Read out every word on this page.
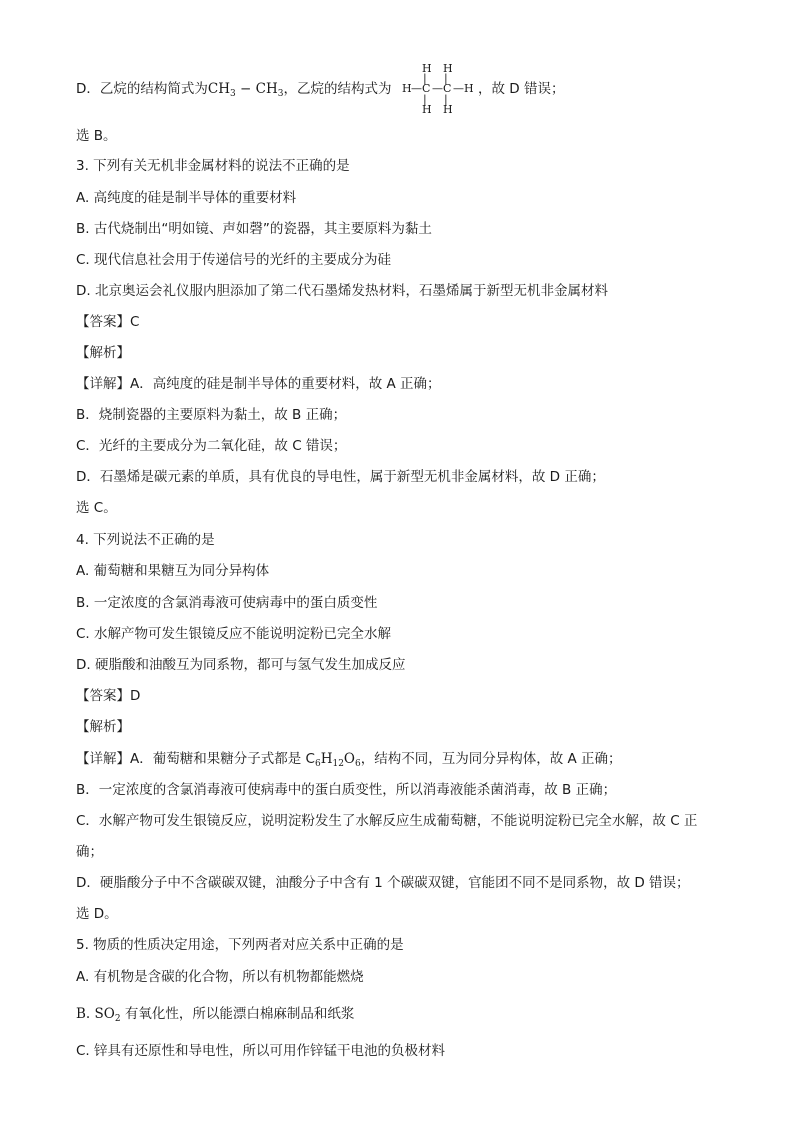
D．乙烷的结构简式为$CH_3 - CH_3$，乙烷的结构式为	，故 D 错误；
H H
| |
H — C — C — H
| |
H H
选 B。
3. 下列有关无机非金属材料的说法不正确的是
A. 高纯度的硅是制半导体的重要材料
B. 古代烧制出“明如镜、声如磬”的瓷器，其主要原料为黏土
C. 现代信息社会用于传递信号的光纤的主要成分为硅
D. 北京奥运会礼仪服内胆添加了第二代石墨烯发热材料，石墨烯属于新型无机非金属材料
【答案】C
【解析】
【详解】A．高纯度的硅是制半导体的重要材料，故 A 正确；
B．烧制瓷器的主要原料为黏土，故 B 正确；
C．光纤的主要成分为二氧化硅，故 C 错误；
D．石墨烯是碳元素的单质，具有优良的导电性，属于新型无机非金属材料，故 D 正确；
选 C。
4. 下列说法不正确的是
A. 葡萄糖和果糖互为同分异构体
B. 一定浓度的含氯消毒液可使病毒中的蛋白质变性
C. 水解产物可发生银镜反应不能说明淀粉已完全水解
D. 硬脂酸和油酸互为同系物，都可与氢气发生加成反应
【答案】D
【解析】
【详解】A．葡萄糖和果糖分子式都是 $C_6H_{12}O_6$，结构不同，互为同分异构体，故 A 正确；
B．一定浓度的含氯消毒液可使病毒中的蛋白质变性，所以消毒液能杀菌消毒，故 B 正确；
C．水解产物可发生银镜反应，说明淀粉发生了水解反应生成葡萄糖，不能说明淀粉已完全水解，故 C 正
确；
D．硬脂酸分子中不含碳碳双键，油酸分子中含有 1 个碳碳双键，官能团不同不是同系物，故 D 错误；
选 D。
5. 物质的性质决定用途，下列两者对应关系中正确的是
A. 有机物是含碳的化合物，所以有机物都能燃烧
B. $SO_2$ 有氧化性，所以能漂白棉麻制品和纸浆
C. 锌具有还原性和导电性，所以可用作锌锰干电池的负极材料
